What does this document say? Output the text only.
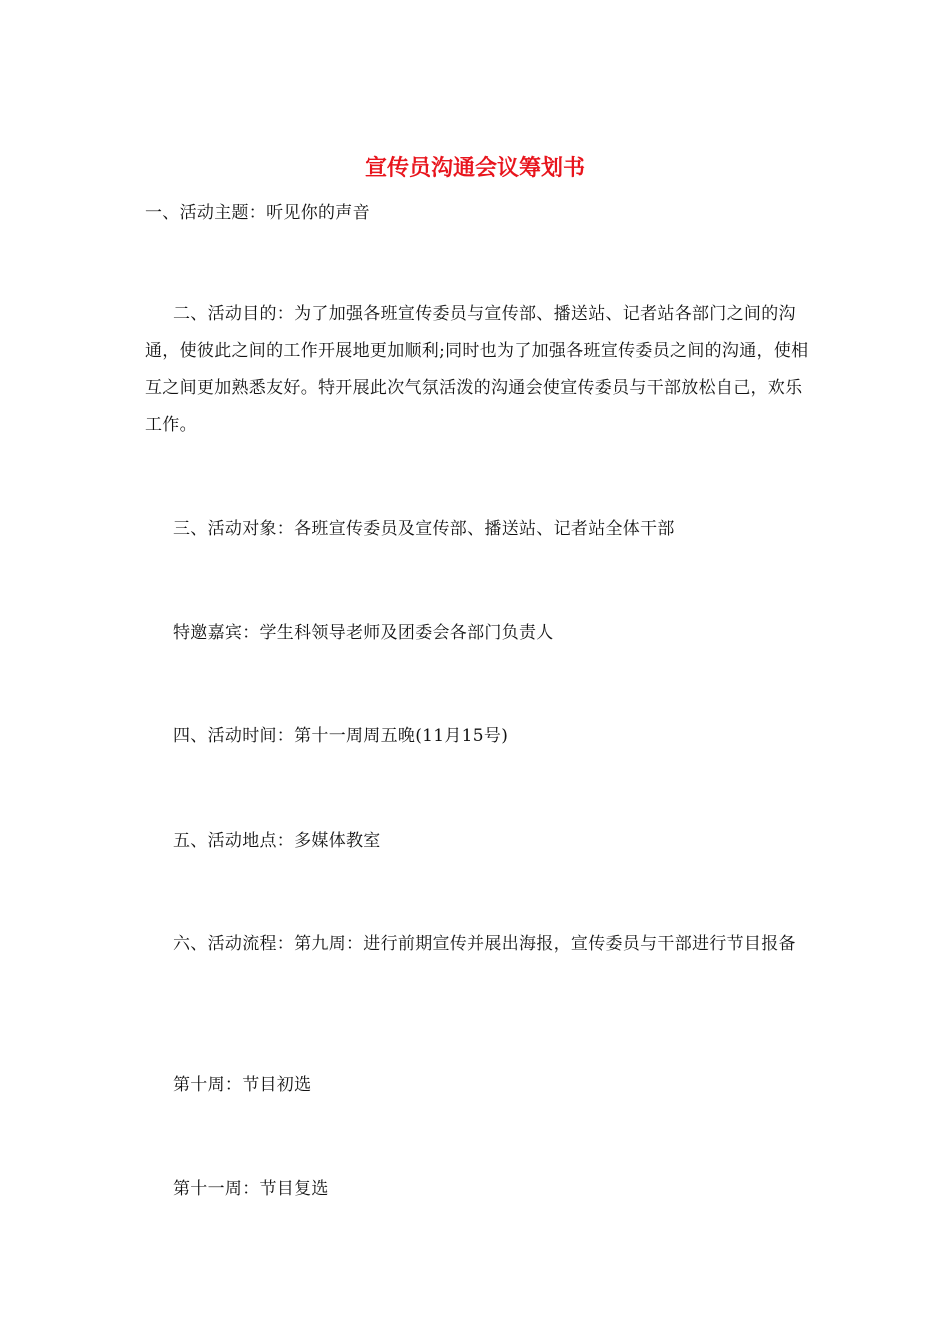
宣传员沟通会议筹划书

一、活动主题：听见你的声音

二、活动目的：为了加强各班宣传委员与宣传部、播送站、记者站各部门之间的沟通，使彼此之间的工作开展地更加顺利;同时也为了加强各班宣传委员之间的沟通，使相互之间更加熟悉友好。特开展此次气氛活泼的沟通会使宣传委员与干部放松自己，欢乐工作。

三、活动对象：各班宣传委员及宣传部、播送站、记者站全体干部

特邀嘉宾：学生科领导老师及团委会各部门负责人

四、活动时间：第十一周周五晚(11月15号)

五、活动地点：多媒体教室

六、活动流程：第九周：进行前期宣传并展出海报，宣传委员与干部进行节目报备

第十周：节目初选

第十一周：节目复选
